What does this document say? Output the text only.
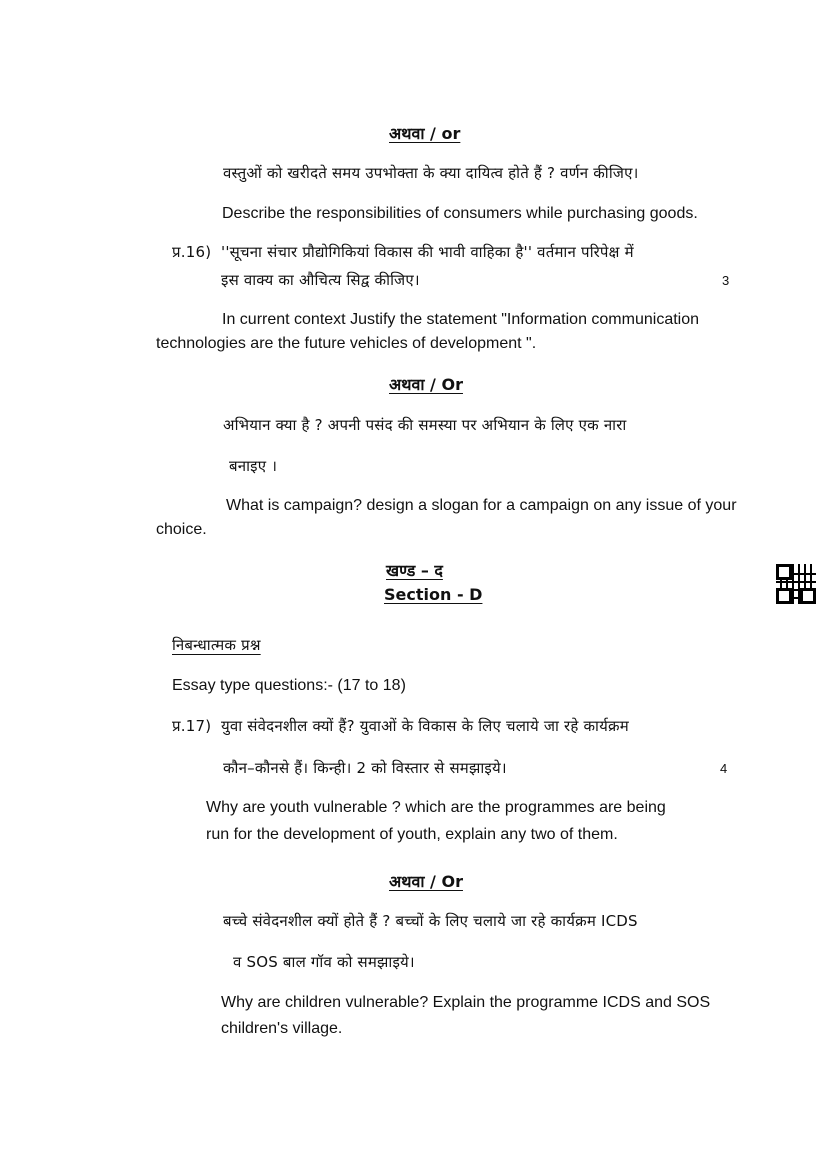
अथवा / or
वस्तुओं को खरीदते समय उपभोक्ता के क्या दायित्व होते हैं ? वर्णन कीजिए।
Describe the responsibilities of consumers while purchasing goods.
प्र.16) ''सूचना संचार प्रौद्योगिकियां विकास की भावी वाहिका है'' वर्तमान परिपेक्ष में
इस वाक्य का औचित्य सिद्व कीजिए।	3
In current context Justify the statement "Information communication
technologies are the future vehicles of development ".
अथवा / Or
अभियान क्या है ? अपनी पसंद की समस्या पर अभियान के लिए एक नारा
बनाइए ।
What is campaign? design a slogan for a campaign on any issue of your
choice.
खण्ड – द
Section - D
निबन्धात्मक प्रश्न
Essay type questions:- (17 to 18)
प्र.17) युवा संवेदनशील क्यों हैं? युवाओं के विकास के लिए चलाये जा रहे कार्यक्रम
कौन–कौनसे हैं। किन्ही। 2 को विस्तार से समझाइये।	4
Why are youth vulnerable ? which are the programmes are being
run for the development of youth, explain any two of them.
अथवा / Or
बच्चे संवेदनशील क्यों होते हैं ? बच्चों के लिए चलाये जा रहे कार्यक्रम ICDS
व SOS बाल गॉव को समझाइये।
Why are children vulnerable? Explain the programme ICDS and SOS
children's village.
